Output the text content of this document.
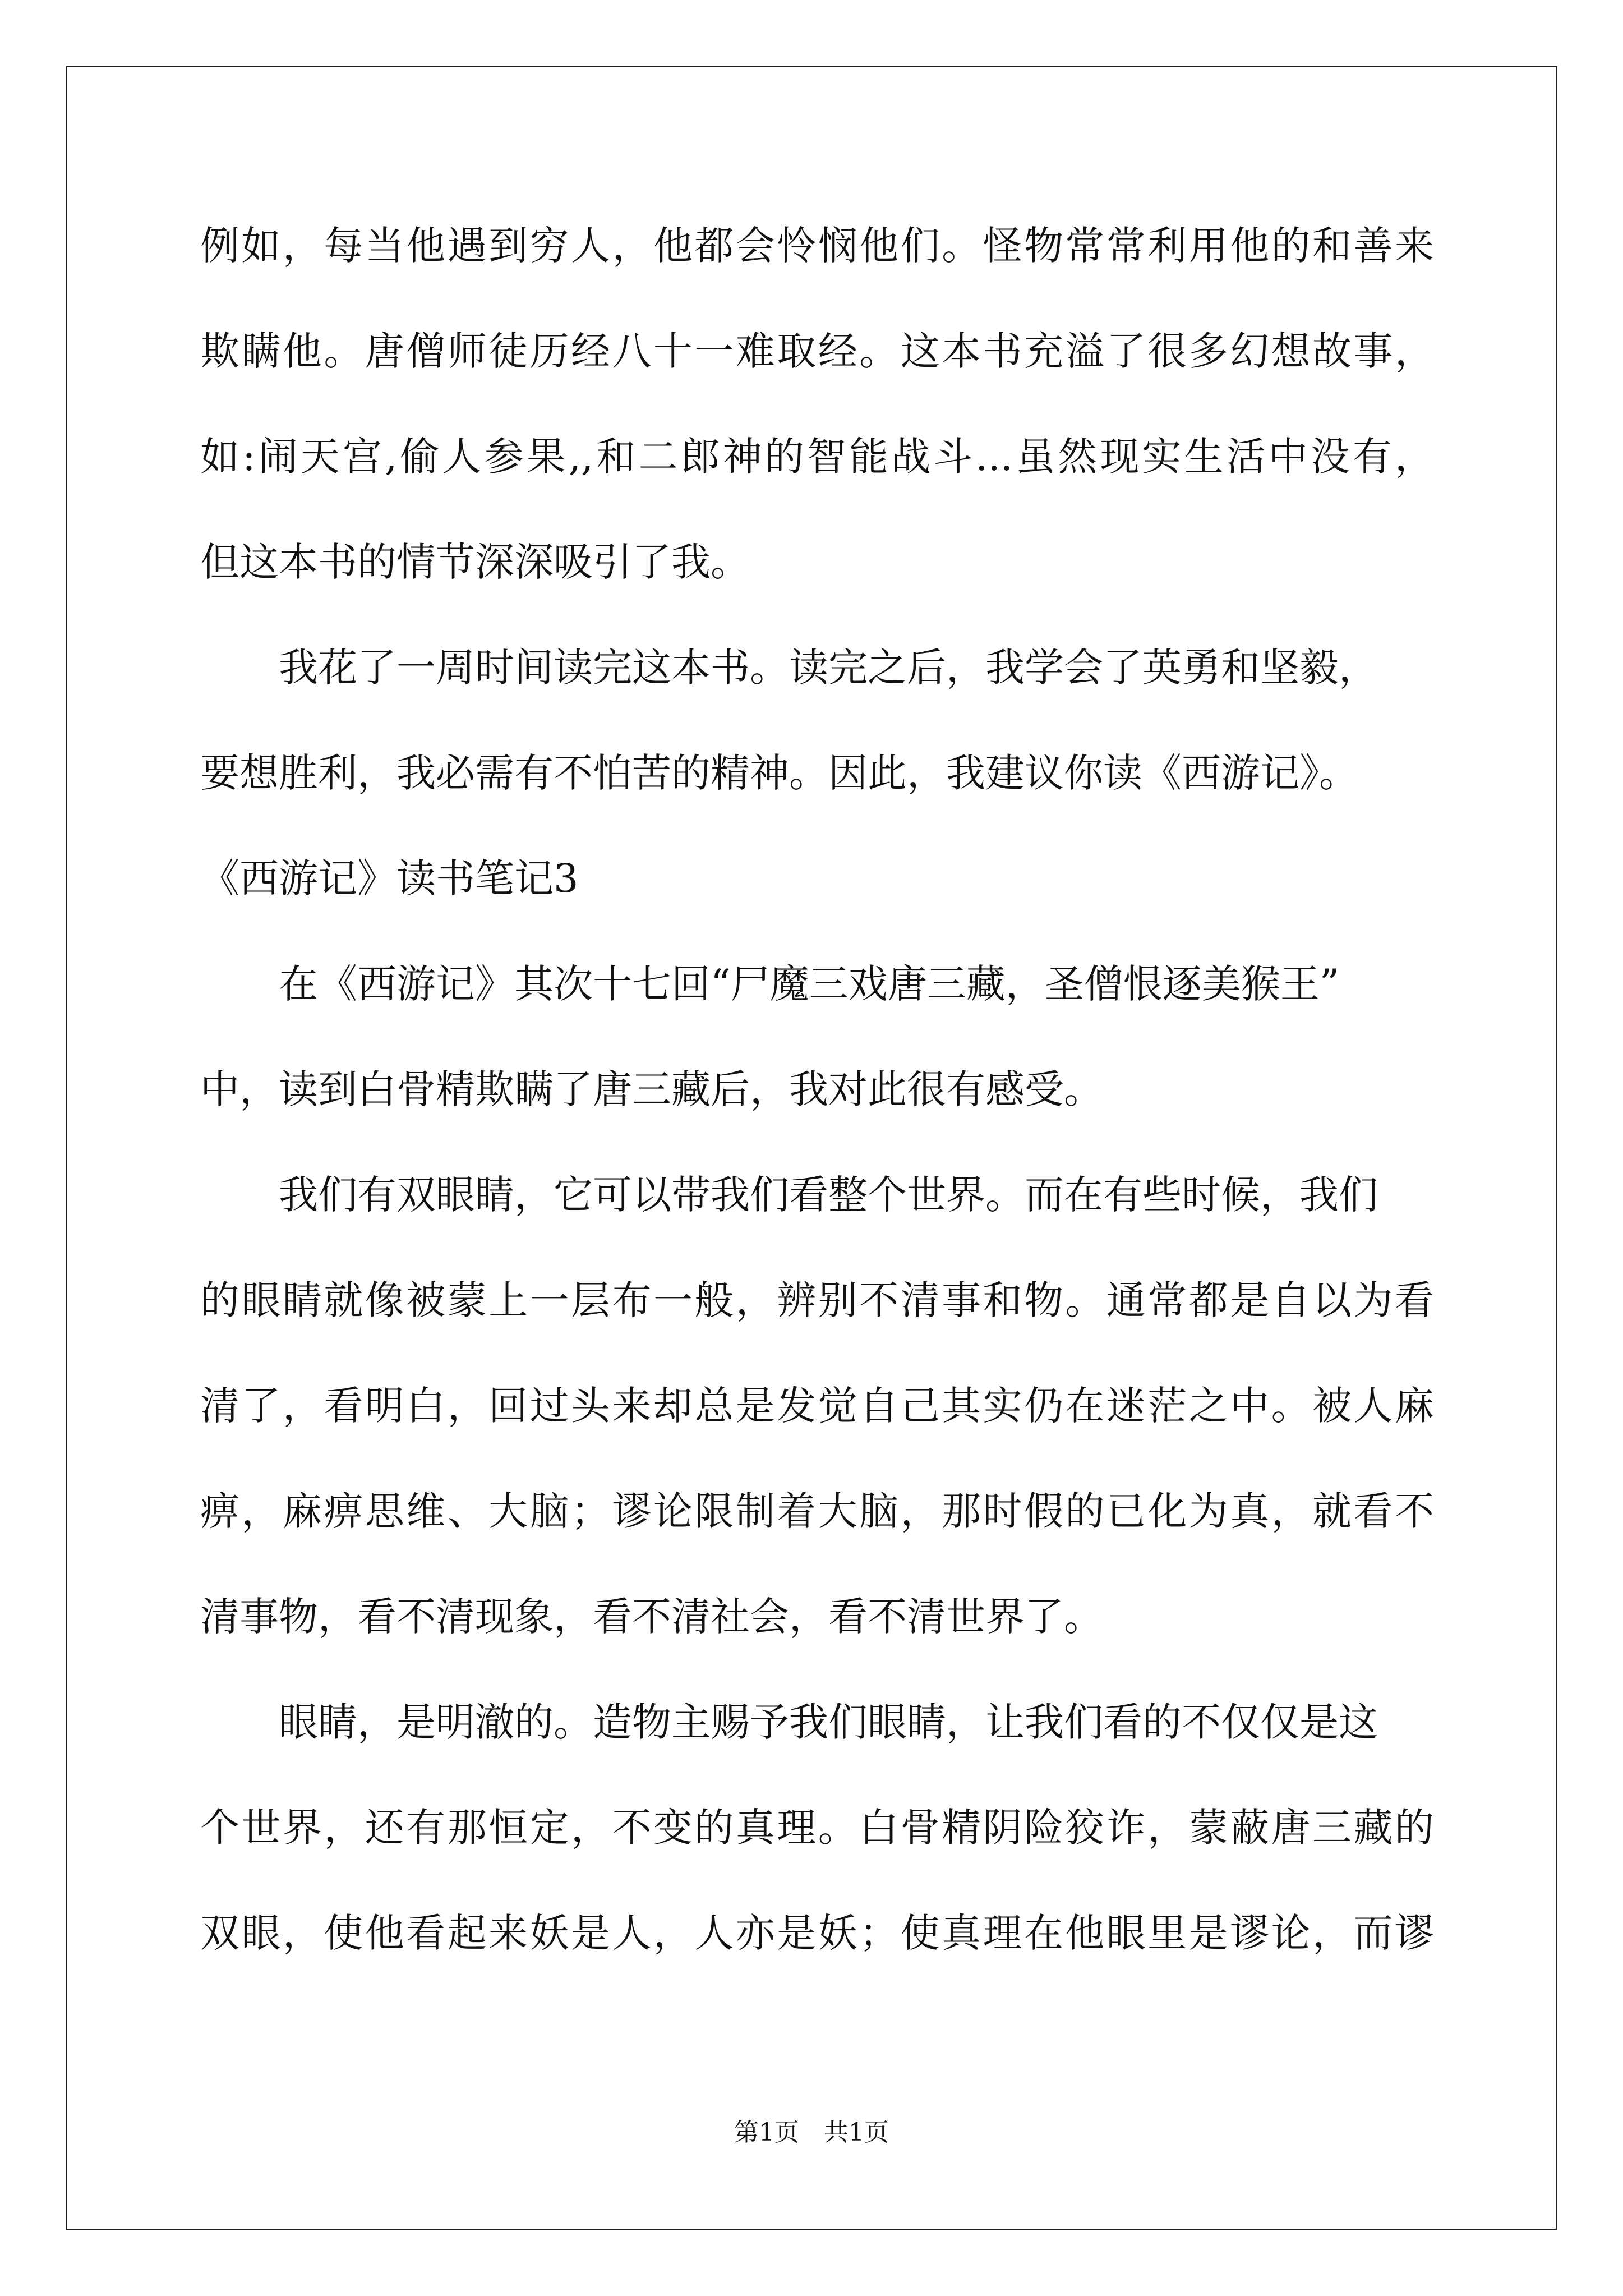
例如，每当他遇到穷人，他都会怜悯他们。怪物常常利用他的和善来
欺瞒他。唐僧师徒历经八十一难取经。这本书充溢了很多幻想故事，
如:闹天宫,偷人参果,,和二郎神的智能战斗...虽然现实生活中没有，
但这本书的情节深深吸引了我。
我花了一周时间读完这本书。读完之后，我学会了英勇和坚毅，
要想胜利，我必需有不怕苦的精神。因此，我建议你读《西游记》。
《西游记》读书笔记3
在《西游记》其次十七回“尸魔三戏唐三藏，圣僧恨逐美猴王”
中，读到白骨精欺瞒了唐三藏后，我对此很有感受。
我们有双眼睛，它可以带我们看整个世界。而在有些时候，我们
的眼睛就像被蒙上一层布一般，辨别不清事和物。通常都是自以为看
清了，看明白，回过头来却总是发觉自己其实仍在迷茫之中。被人麻
痹，麻痹思维、大脑；谬论限制着大脑，那时假的已化为真，就看不
清事物，看不清现象，看不清社会，看不清世界了。
眼睛，是明澈的。造物主赐予我们眼睛，让我们看的不仅仅是这
个世界，还有那恒定，不变的真理。白骨精阴险狡诈，蒙蔽唐三藏的
双眼，使他看起来妖是人，人亦是妖；使真理在他眼里是谬论，而谬
第1页　共1页
